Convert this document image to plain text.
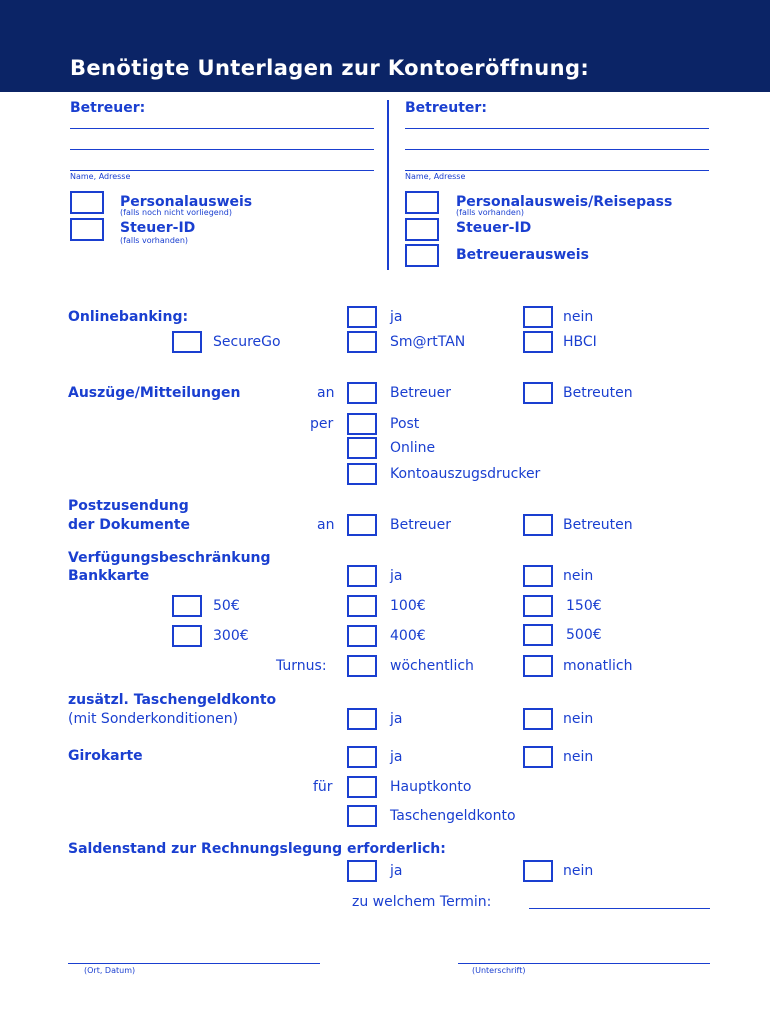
Benötigte Unterlagen zur Kontoeröffnung:
Betreuer:
Name, Adresse
Personalausweis
(falls noch nicht vorliegend)
Steuer-ID
(falls vorhanden)
Betreuter:
Name, Adresse
Personalausweis/Reisepass
(falls vorhanden)
Steuer-ID
Betreuerausweis
Onlinebanking:	ja	nein
SecureGo	Sm@rtTAN	HBCI
Auszüge/Mitteilungen	an	Betreuer	Betreuten
per	Post
Online
Kontoauszugsdrucker
Postzusendung
der Dokumente	an	Betreuer	Betreuten
Verfügungsbeschränkung
Bankkarte	ja	nein
50€	100€	150€
300€	400€	500€
Turnus:	wöchentlich	monatlich
zusätzl. Taschengeldkonto
(mit Sonderkonditionen)	ja	nein
Girokarte	ja	nein
für	Hauptkonto
Taschengeldkonto
Saldenstand zur Rechnungslegung erforderlich:
ja	nein
zu welchem Termin:
(Ort, Datum)	(Unterschrift)
